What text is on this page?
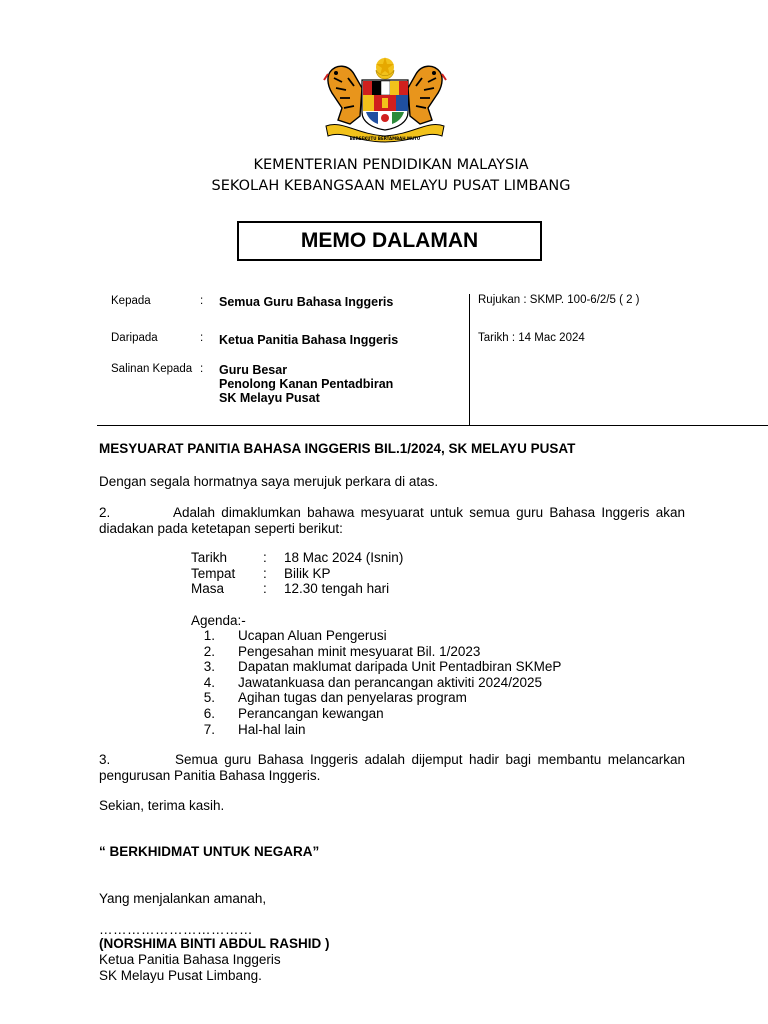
BERSEKUTU BERTAMBAH MUTU
KEMENTERIAN PENDIDIKAN MALAYSIA
SEKOLAH KEBANGSAAN MELAYU PUSAT LIMBANG
MEMO DALAMAN
Kepada	: Semua Guru Bahasa Inggeris
Daripada	: Ketua Panitia Bahasa Inggeris
Salinan Kepada : Guru Besar
Penolong Kanan Pentadbiran
SK Melayu Pusat
Rujukan : SKMP. 100-6/2/5 ( 2 )
Tarikh : 14 Mac 2024
MESYUARAT PANITIA BAHASA INGGERIS BIL.1/2024, SK MELAYU PUSAT
Dengan segala hormatnya saya merujuk perkara di atas.
2.          Adalah dimaklumkan bahawa mesyuarat untuk semua guru Bahasa Inggeris akan diadakan pada ketetapan seperti berikut:
Tarikh	:	18 Mac 2024 (Isnin)
Tempat	:	Bilik KP
Masa	:	12.30 tengah hari
Agenda:-
1.	Ucapan Aluan Pengerusi
2.	Pengesahan minit mesyuarat Bil. 1/2023
3.	Dapatan maklumat daripada Unit Pentadbiran SKMeP
4.	Jawatankuasa dan perancangan aktiviti 2024/2025
5.	Agihan tugas dan penyelaras program
6.	Perancangan kewangan
7.	Hal-hal lain
3.          Semua guru Bahasa Inggeris adalah dijemput hadir bagi membantu melancarkan pengurusan Panitia Bahasa Inggeris.
Sekian, terima kasih.
“ BERKHIDMAT UNTUK NEGARA”
Yang menjalankan amanah,
……………………………
(NORSHIMA BINTI ABDUL RASHID )
Ketua Panitia Bahasa Inggeris
SK Melayu Pusat Limbang.
